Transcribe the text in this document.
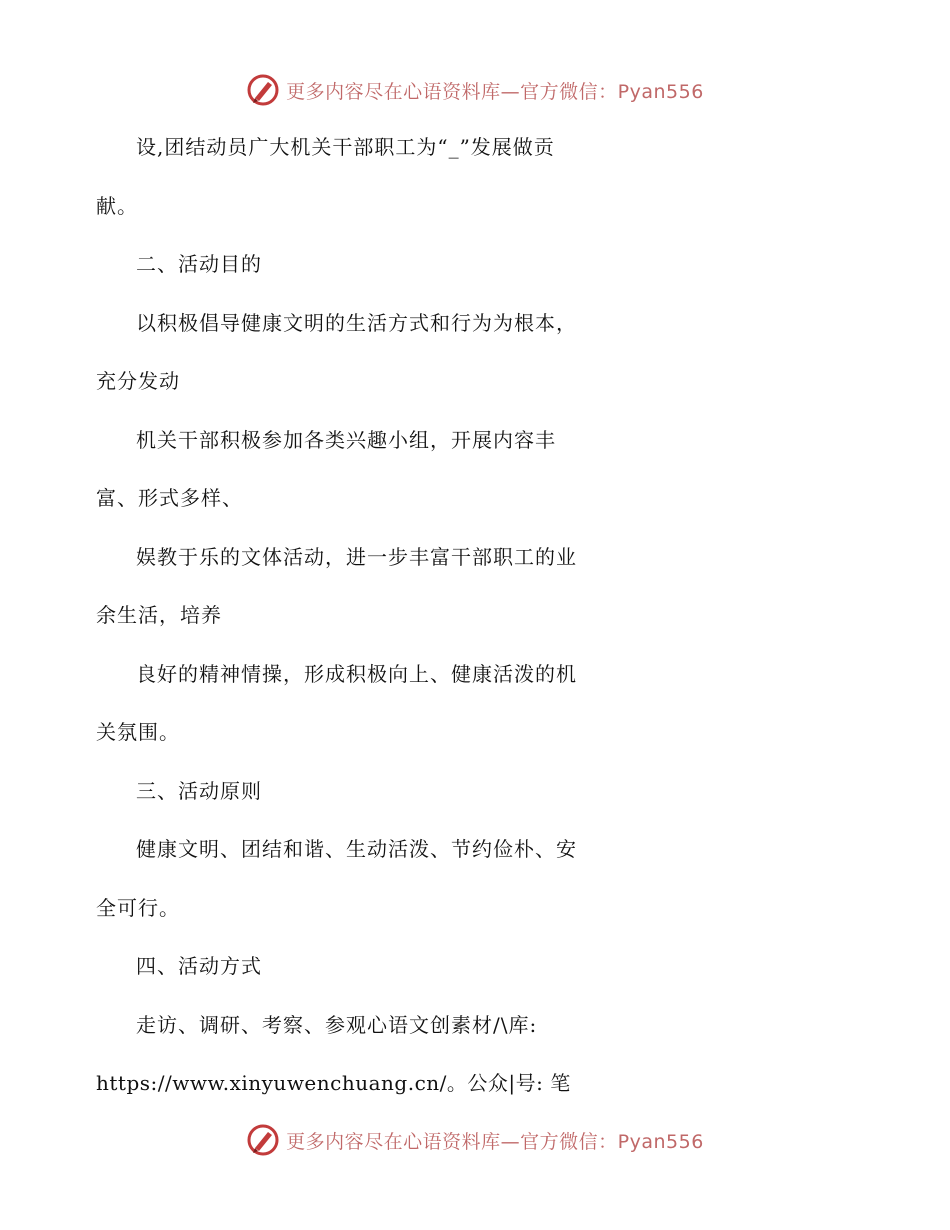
更多内容尽在心语资料库—官方微信：Pyan556
设,团结动员广大机关干部职工为“_”发展做贡
献。
二、活动目的
以积极倡导健康文明的生活方式和行为为根本，
充分发动
机关干部积极参加各类兴趣小组，开展内容丰
富、形式多样、
娱教于乐的文体活动，进一步丰富干部职工的业
余生活，培养
良好的精神情操，形成积极向上、健康活泼的机
关氛围。
三、活动原则
健康文明、团结和谐、生动活泼、节约俭朴、安
全可行。
四、活动方式
走访、调研、考察、参观心语文创素材/\库:
https://www.xinyuwenchuang.cn/。公众|号: 笔
更多内容尽在心语资料库—官方微信：Pyan556
